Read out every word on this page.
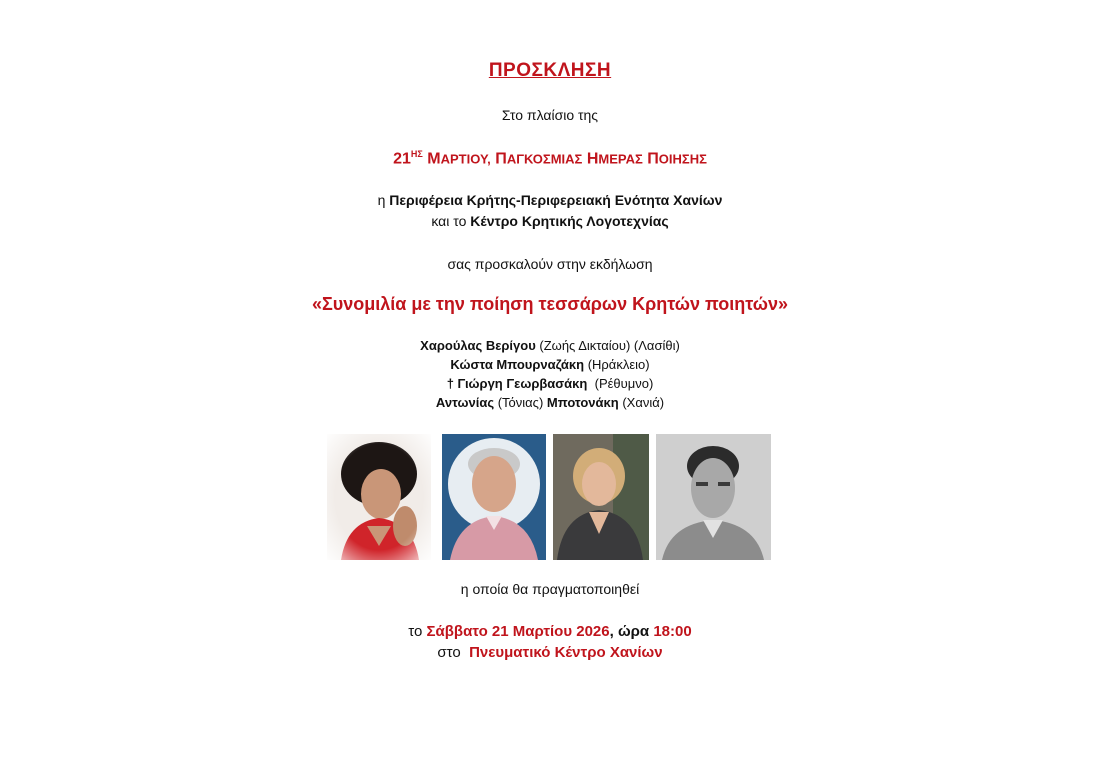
ΠΡΟΣΚΛΗΣΗ
Στο πλαίσιο της
$21^{H\Sigma}$ ΜΑΡΤΙΟΥ, ΠΑΓΚΟΣΜΙΑΣ ΗΜΕΡΑΣ ΠΟΙΗΣΗΣ
η Περιφέρεια Κρήτης-Περιφερειακή Ενότητα Χανίων
και το Κέντρο Κρητικής Λογοτεχνίας
σας προσκαλούν στην εκδήλωση
«Συνομιλία με την ποίηση τεσσάρων Κρητών ποιητών»
Χαρούλας Βερίγου (Ζωής Δικταίου) (Λασίθι)
Κώστα Μπουρναζάκη (Ηράκλειο)
† Γιώργη Γεωρβασάκη  (Ρέθυμνο)
Αντωνίας (Τόνιας) Μποτονάκη (Χανιά)
η οποία θα πραγματοποιηθεί
το Σάββατο 21 Μαρτίου 2026, ώρα 18:00
στο Πνευματικό Κέντρο Χανίων
